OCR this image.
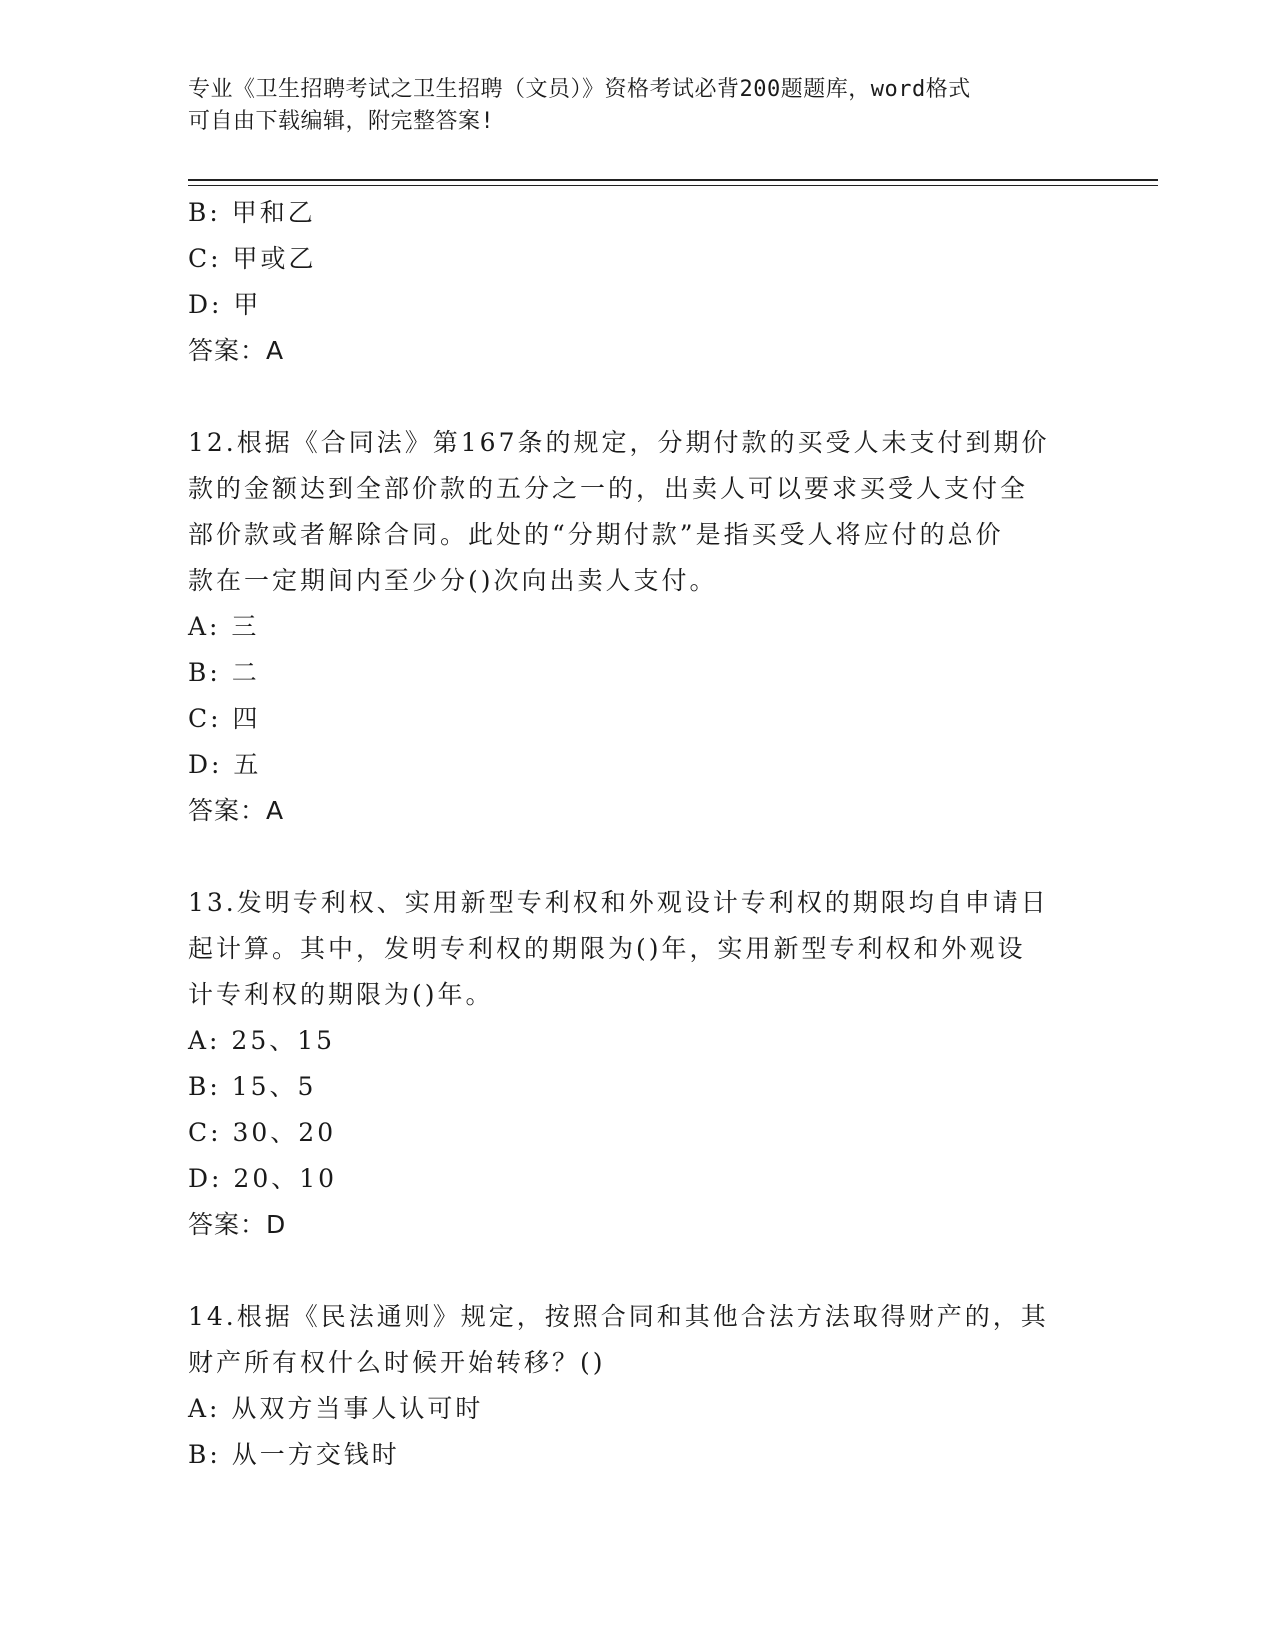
专业《卫生招聘考试之卫生招聘（文员）》资格考试必背200题题库，word格式
可自由下载编辑，附完整答案!
B: 甲和乙
C: 甲或乙
D: 甲
答案：A
12.根据《合同法》第167条的规定，分期付款的买受人未支付到期价
款的金额达到全部价款的五分之一的，出卖人可以要求买受人支付全
部价款或者解除合同。此处的“分期付款”是指买受人将应付的总价
款在一定期间内至少分()次向出卖人支付。
A: 三
B: 二
C: 四
D: 五
答案：A
13.发明专利权、实用新型专利权和外观设计专利权的期限均自申请日
起计算。其中，发明专利权的期限为()年，实用新型专利权和外观设
计专利权的期限为()年。
A: 25、15
B: 15、5
C: 30、20
D: 20、10
答案：D
14.根据《民法通则》规定，按照合同和其他合法方法取得财产的，其
财产所有权什么时候开始转移？()
A: 从双方当事人认可时
B: 从一方交钱时
